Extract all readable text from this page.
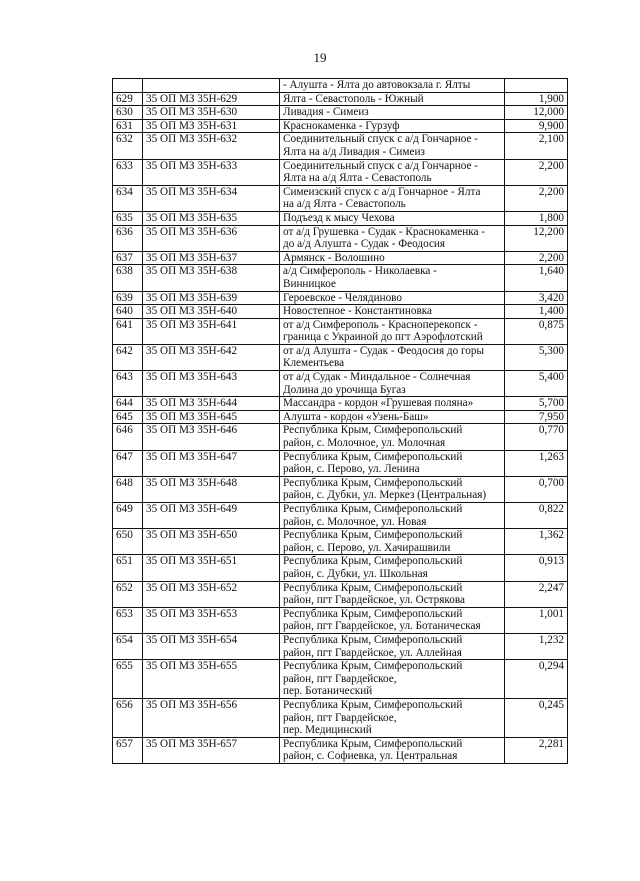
19
		- Алушта - Ялта до автовокзала г. Ялты	
629	35 ОП МЗ 35Н-629	Ялта - Севастополь - Южный	1,900
630	35 ОП МЗ 35Н-630	Ливадия - Симеиз	12,000
631	35 ОП МЗ 35Н-631	Краснокаменка - Гурзуф	9,900
632	35 ОП МЗ 35Н-632	Соединительный спуск с а/д Гончарное -
Ялта на а/д Ливадия - Симеиз	2,100
633	35 ОП МЗ 35Н-633	Соединительный спуск с а/д Гончарное -
Ялта на а/д Ялта - Севастополь	2,200
634	35 ОП МЗ 35Н-634	Симеизский спуск с а/д Гончарное - Ялта
на а/д Ялта - Севастополь	2,200
635	35 ОП МЗ 35Н-635	Подъезд к мысу Чехова	1,800
636	35 ОП МЗ 35Н-636	от а/д Грушевка - Судак - Краснокаменка -
до а/д Алушта - Судак - Феодосия	12,200
637	35 ОП МЗ 35Н-637	Армянск - Волошино	2,200
638	35 ОП МЗ 35Н-638	а/д Симферополь - Николаевка -
Винницкое	1,640
639	35 ОП МЗ 35Н-639	Героевское - Челядиново	3,420
640	35 ОП МЗ 35Н-640	Новостепное - Константиновка	1,400
641	35 ОП МЗ 35Н-641	от а/д Симферополь - Красноперекопск -
граница с Украиной до пгт Аэрофлотский	0,875
642	35 ОП МЗ 35Н-642	от а/д Алушта - Судак - Феодосия до горы
Клементьева	5,300
643	35 ОП МЗ 35Н-643	от а/д Судак - Миндальное - Солнечная
Долина до урочища Бугаз	5,400
644	35 ОП МЗ 35Н-644	Массандра - кордон «Грушевая поляна»	5,700
645	35 ОП МЗ 35Н-645	Алушта - кордон «Узень-Баш»	7,950
646	35 ОП МЗ 35Н-646	Республика Крым, Симферопольский
район, с. Молочное, ул. Молочная	0,770
647	35 ОП МЗ 35Н-647	Республика Крым, Симферопольский
район, с. Перово, ул. Ленина	1,263
648	35 ОП МЗ 35Н-648	Республика Крым, Симферопольский
район, с. Дубки, ул. Меркез (Центральная)	0,700
649	35 ОП МЗ 35Н-649	Республика Крым, Симферопольский
район, с. Молочное, ул. Новая	0,822
650	35 ОП МЗ 35Н-650	Республика Крым, Симферопольский
район, с. Перово, ул. Хачирашвили	1,362
651	35 ОП МЗ 35Н-651	Республика Крым, Симферопольский
район, с. Дубки, ул. Школьная	0,913
652	35 ОП МЗ 35Н-652	Республика Крым, Симферопольский
район, пгт Гвардейское, ул. Острякова	2,247
653	35 ОП МЗ 35Н-653	Республика Крым, Симферопольский
район, пгт Гвардейское, ул. Ботаническая	1,001
654	35 ОП МЗ 35Н-654	Республика Крым, Симферопольский
район, пгт Гвардейское, ул. Аллейная	1,232
655	35 ОП МЗ 35Н-655	Республика Крым, Симферопольский
район, пгт Гвардейское,
пер. Ботанический	0,294
656	35 ОП МЗ 35Н-656	Республика Крым, Симферопольский
район, пгт Гвардейское,
пер. Медицинский	0,245
657	35 ОП МЗ 35Н-657	Республика Крым, Симферопольский
район, с. Софиевка, ул. Центральная	2,281
